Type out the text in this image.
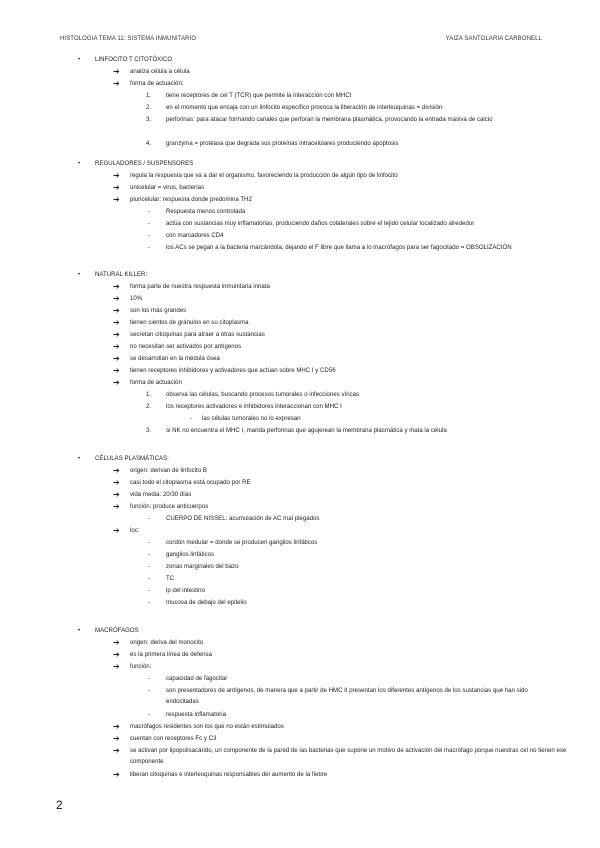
HISTOLOGIA TEMA 11: SISTEMA INMUNITARIO	YAIZA SANTOLARIA CARBONELL
• LINFOCITO T CITOTÓXICO
➔ analiza célula a célula
➔ forma de actuación:
1. tiene receptores de cel T (TCR) que permite la interacción con MHCI
2. en el momento que encaja con un linfocito específico provoca la liberación de interleuquinas = división
3. perforinas: para atacar formando canales que perforan la membrana plasmática, provocando la entrada masiva de calcio
4. granzyma = proteasa que degrada sus proteínas intracelulares produciendo apoptosis
• REGULADORES / SUSPENSORES
➔ regula la respuesta que va a dar el organismo, favoreciendo la producción de algún tipo de linfocito
➔ unicelular = virus, bacterias
➔ pluricelular: respuesta donde predomina TH2
-	Respuesta menos controlada
-	actúa con sustancias muy inflamatorias, produciendo daños colaterales sobre el tejido celular localizado alrededor
-	con marcadores CD4
-	los ACs se pegan a la bacteria marcándola, dejando el F libre que llama a lo macrófagos para ser fagocitado = OBSOLIZACIÓN
• NATURAL KILLER:
➔ forma parte de nuestra respuesta inmunitaria innata
➔ 10%
➔ son los más grandes
➔ tienen cientos de gránulos en su citoplasma
➔ secretan citoquinas para atraer a otras sustancias
➔ no necesitan ser activados por antígenos
➔ se desarrollan en la médula ósea
➔ tienen receptores inhibidores y activadores que actúan sobre MHC I y CD56
➔ forma de actuación
1. observa las células, buscando procesos tumorales o infecciones víricas
2. los receptores activadores e inhibidores interaccionan con MHC I
- las células tumorales no lo expresan
3. si NK no encuentra el MHC I, manda perforinas que agujerean la membrana plasmática y mata la célula
• CÉLULAS PLASMÁTICAS:
➔ origen: derivan de linfocito B
➔ casi todo el citoplasma está ocupado por RE
➔ vida media: 20/30 días
➔ función: produce anticuerpos
-	CUERPO DE NISSEL: acumulación de AC mal plegados
➔ loc:
-	cordón medular = donde se producen ganglios linfáticos
-	ganglios linfáticos
-	zonas marginales del bazo
-	TC
-	lp del intestino
-	mucosa de debajo del epitelio
• MACRÓFAGOS
➔ origen: deriva del monocito
➔ es la primera línea de defensa
➔ función:
-	capacidad de fagocitar
-	son presentadores de antígenos, de manera que a partir de HMC II presentan los diferentes antígenos de los sustancias que han sido endocitadas
-	respuesta inflamatoria
➔ macrófagos residentes son los que no están estimulados
➔ cuentan con receptores Fc y C3
➔ se activan por lipopolisacárido, un componente de la pared de las bacterias que supone un motivo de activación del macrófago porque nuestras cel no tienen ese componente
➔ liberan citoquinas e interleuquinas responsables del aumento de la fiebre
2
